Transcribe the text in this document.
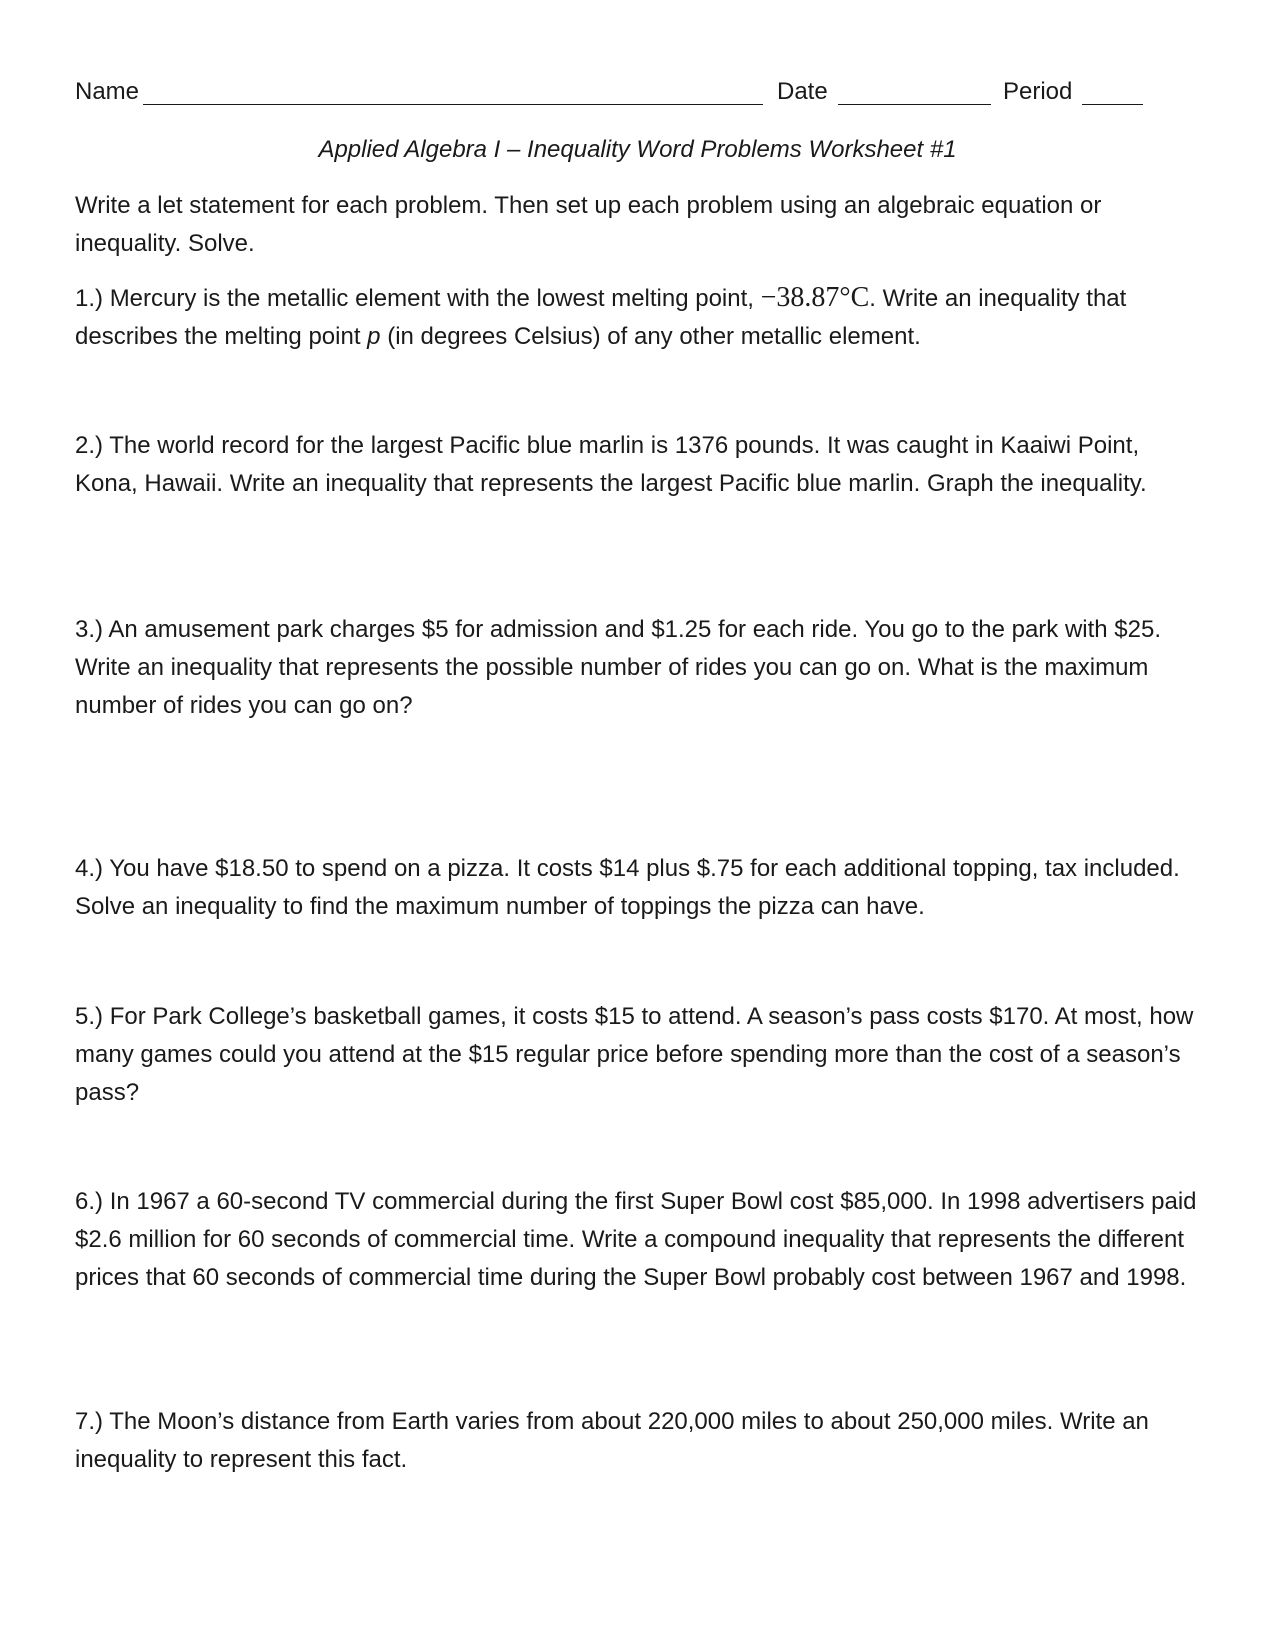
Name	Date	Period
Applied Algebra I – Inequality Word Problems Worksheet #1
Write a let statement for each problem. Then set up each problem using an algebraic equation or inequality. Solve.
1.) Mercury is the metallic element with the lowest melting point, −38.87°C. Write an inequality that describes the melting point p (in degrees Celsius) of any other metallic element.
2.) The world record for the largest Pacific blue marlin is 1376 pounds. It was caught in Kaaiwi Point, Kona, Hawaii. Write an inequality that represents the largest Pacific blue marlin. Graph the inequality.
3.) An amusement park charges $5 for admission and $1.25 for each ride. You go to the park with $25. Write an inequality that represents the possible number of rides you can go on. What is the maximum number of rides you can go on?
4.) You have $18.50 to spend on a pizza. It costs $14 plus $.75 for each additional topping, tax included. Solve an inequality to find the maximum number of toppings the pizza can have.
5.) For Park College’s basketball games, it costs $15 to attend. A season’s pass costs $170. At most, how many games could you attend at the $15 regular price before spending more than the cost of a season’s pass?
6.) In 1967 a 60-second TV commercial during the first Super Bowl cost $85,000. In 1998 advertisers paid $2.6 million for 60 seconds of commercial time. Write a compound inequality that represents the different prices that 60 seconds of commercial time during the Super Bowl probably cost between 1967 and 1998.
7.) The Moon’s distance from Earth varies from about 220,000 miles to about 250,000 miles. Write an inequality to represent this fact.
